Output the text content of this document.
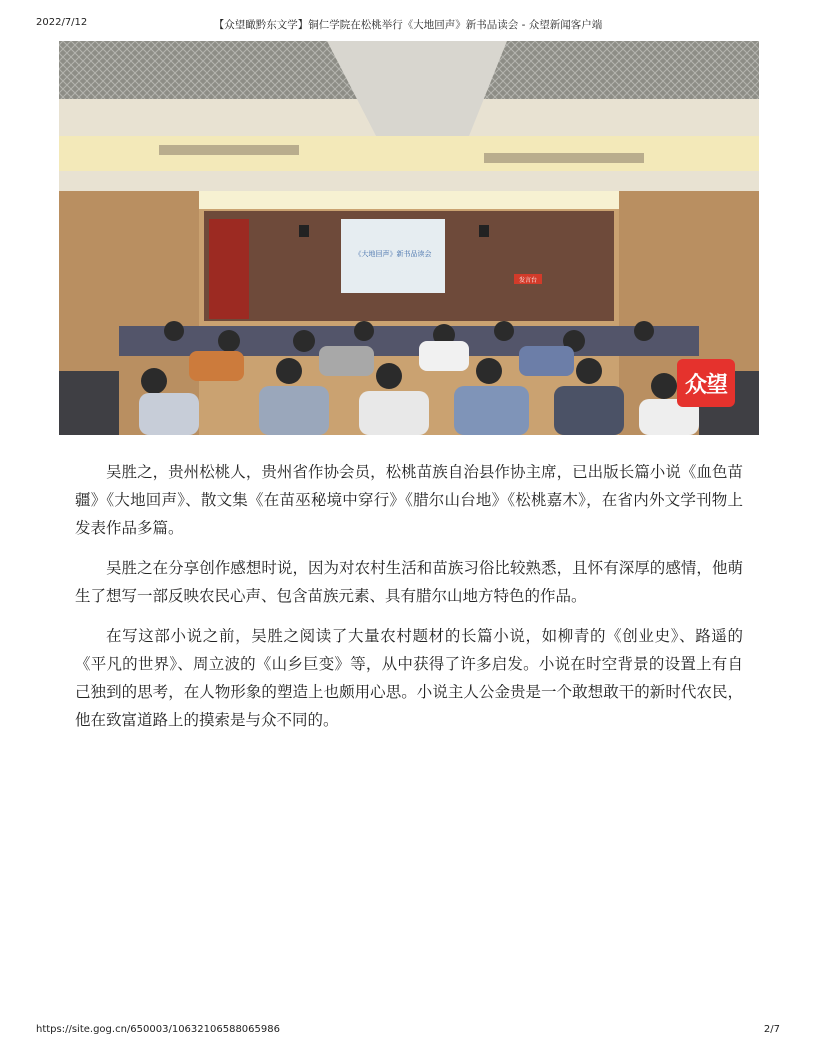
2022/7/12	【众望瞰黔东文学】铜仁学院在松桃举行《大地回声》新书品读会 - 众望新闻客户端
《大地回声》新书品读会
发言台
众望

吴胜之，贵州松桃人，贵州省作协会员，松桃苗族自治县作协主席，已出版长篇小说《血色苗疆》《大地回声》、散文集《在苗巫秘境中穿行》《腊尔山台地》《松桃嘉木》，在省内外文学刊物上发表作品多篇。

吴胜之在分享创作感想时说，因为对农村生活和苗族习俗比较熟悉，且怀有深厚的感情，他萌生了想写一部反映农民心声、包含苗族元素、具有腊尔山地方特色的作品。

在写这部小说之前，吴胜之阅读了大量农村题材的长篇小说，如柳青的《创业史》、路遥的《平凡的世界》、周立波的《山乡巨变》等，从中获得了许多启发。小说在时空背景的设置上有自己独到的思考，在人物形象的塑造上也颇用心思。小说主人公金贵是一个敢想敢干的新时代农民，他在致富道路上的摸索是与众不同的。

https://site.gog.cn/650003/10632106588065986	2/7
